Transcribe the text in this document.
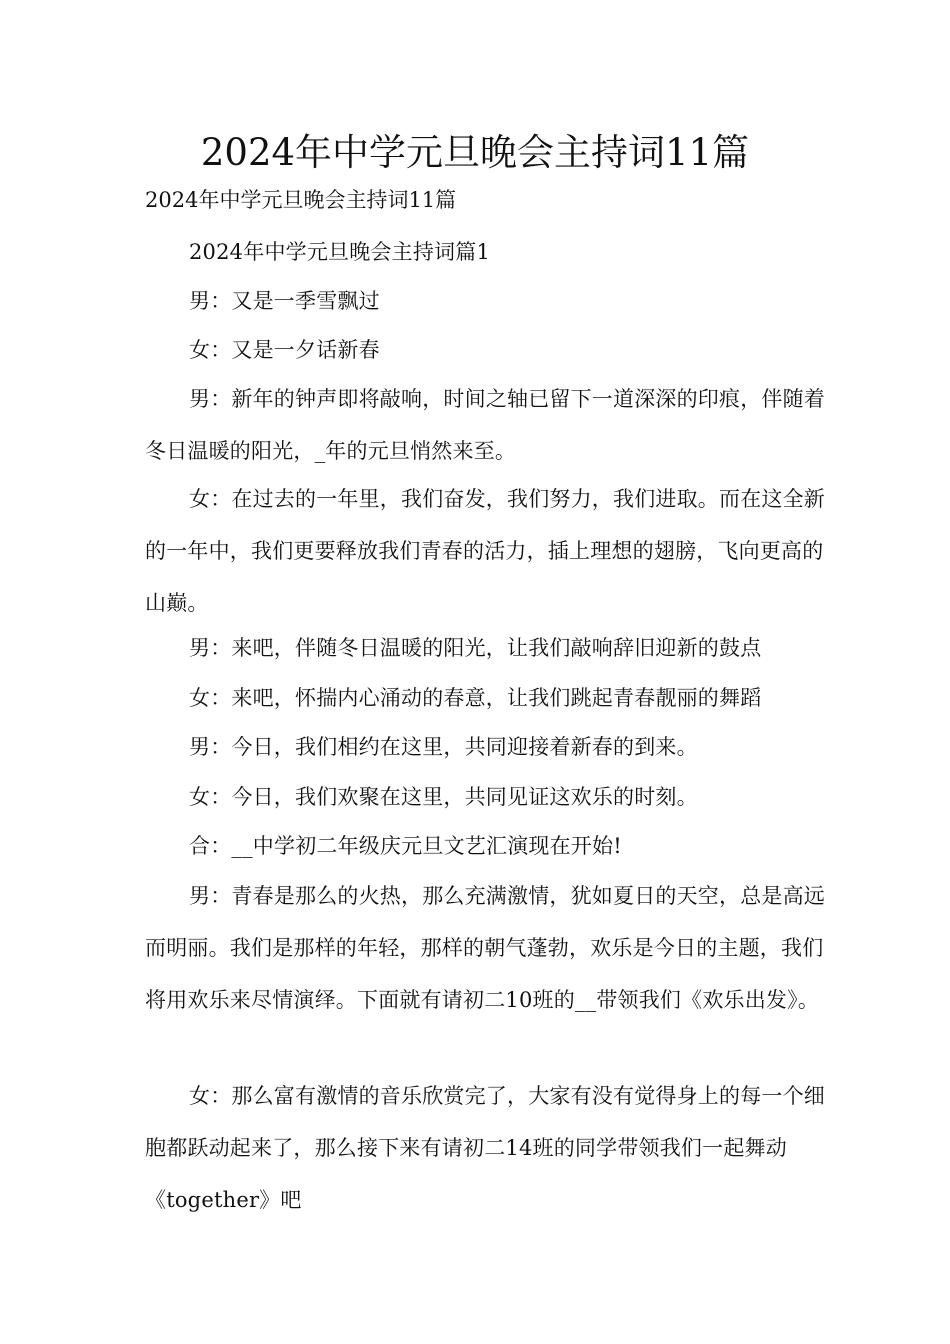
2024年中学元旦晚会主持词11篇
2024年中学元旦晚会主持词11篇

2024年中学元旦晚会主持词篇1

男：又是一季雪飘过

女：又是一夕话新春

男：新年的钟声即将敲响，时间之轴已留下一道深深的印痕，伴随着冬日温暖的阳光，_年的元旦悄然来至。

女：在过去的一年里，我们奋发，我们努力，我们进取。而在这全新的一年中，我们更要释放我们青春的活力，插上理想的翅膀，飞向更高的山巅。

男：来吧，伴随冬日温暖的阳光，让我们敲响辞旧迎新的鼓点

女：来吧，怀揣内心涌动的春意，让我们跳起青春靓丽的舞蹈

男：今日，我们相约在这里，共同迎接着新春的到来。

女：今日，我们欢聚在这里，共同见证这欢乐的时刻。

合：__中学初二年级庆元旦文艺汇演现在开始!

男：青春是那么的火热，那么充满激情，犹如夏日的天空，总是高远而明丽。我们是那样的年轻，那样的朝气蓬勃，欢乐是今日的主题，我们将用欢乐来尽情演绎。下面就有请初二10班的__带领我们《欢乐出发》。

女：那么富有激情的音乐欣赏完了，大家有没有觉得身上的每一个细胞都跃动起来了，那么接下来有请初二14班的同学带领我们一起舞动《together》吧
